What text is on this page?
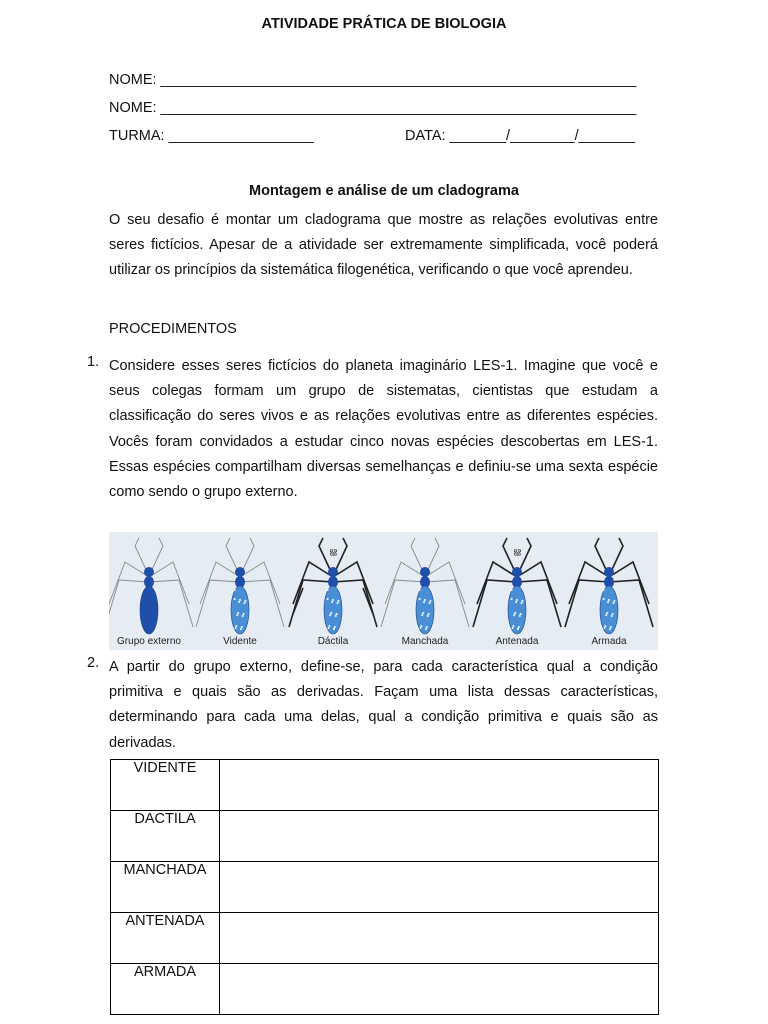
ATIVIDADE PRÁTICA DE BIOLOGIA
NOME: ___________________________________________________________
NOME: ___________________________________________________________
TURMA: __________________	DATA: _______/________/_______
Montagem e análise de um cladograma
O seu desafio é montar um cladograma que mostre as relações evolutivas entre seres fictícios. Apesar de a atividade ser extremamente simplificada, você poderá utilizar os princípios da sistemática filogenética, verificando o que você aprendeu.
PROCEDIMENTOS
1. Considere esses seres fictícios do planeta imaginário LES-1. Imagine que você e seus colegas formam um grupo de sistematas, cientistas que estudam a classificação do seres vivos e as relações evolutivas entre as diferentes espécies. Vocês foram convidados a estudar cinco novas espécies descobertas em LES-1. Essas espécies compartilham diversas semelhanças e definiu-se uma sexta espécie como sendo o grupo externo.
Grupo externo	Vidente
ൠ
Dáctila	Manchada
ൠ
Antenada	Armada
2. A partir do grupo externo, define-se, para cada característica qual a condição primitiva e quais são as derivadas. Façam uma lista dessas características, determinando para cada uma delas, qual a condição primitiva e quais são as derivadas.
VIDENTE	
DACTILA	
MANCHADA	
ANTENADA	
ARMADA	
